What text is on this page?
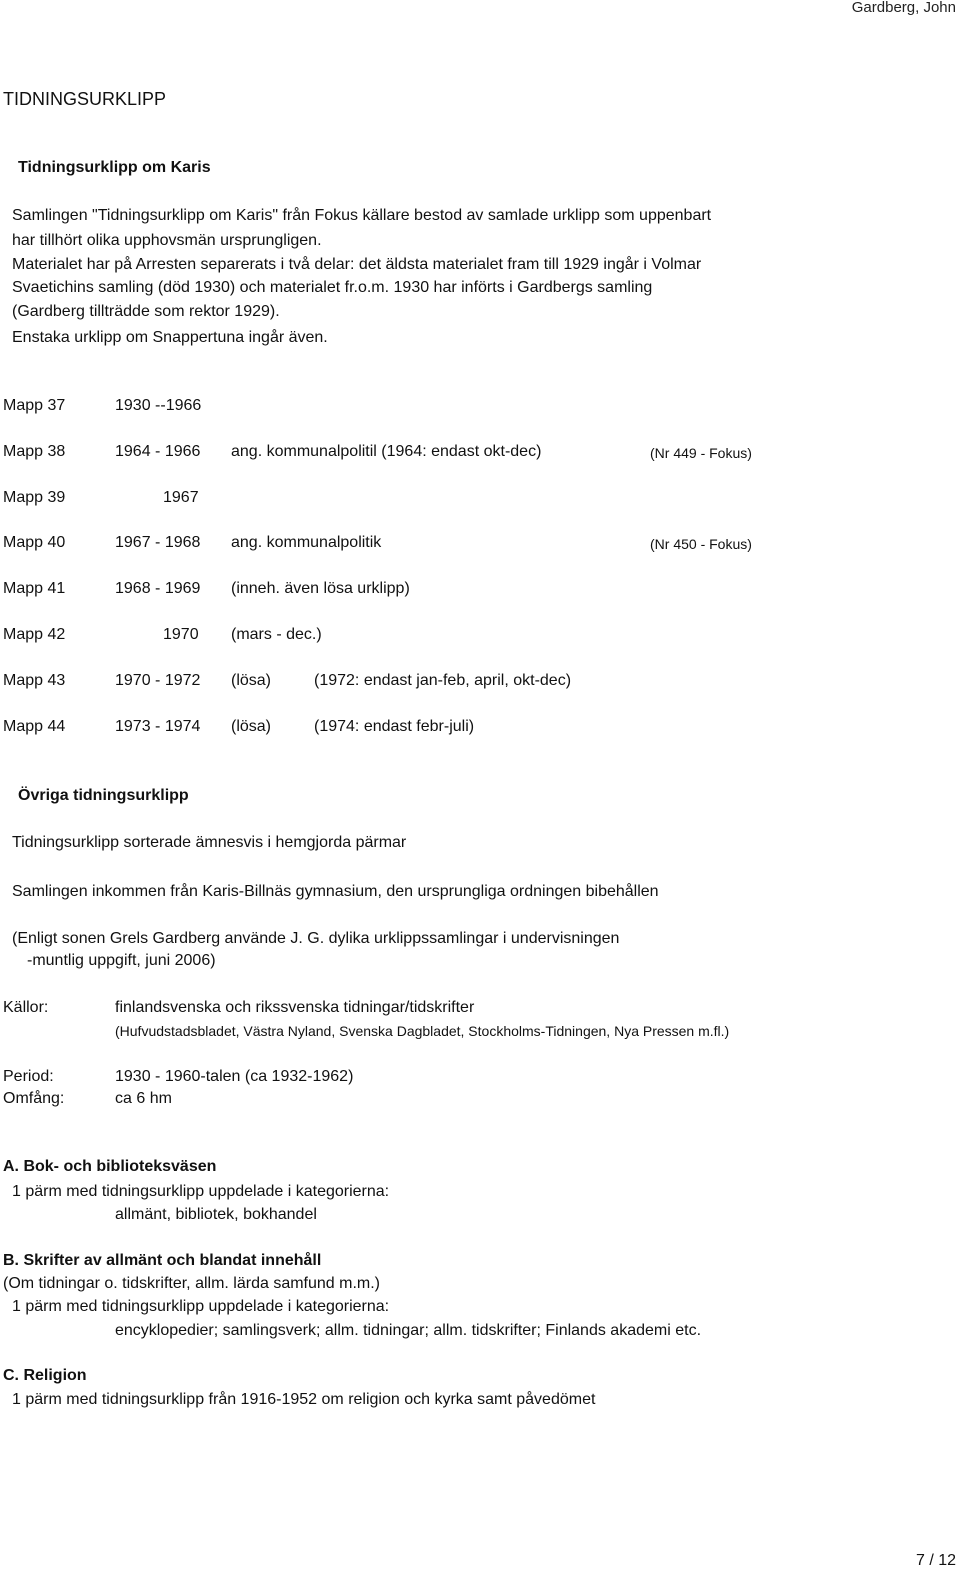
Gardberg, John
TIDNINGSURKLIPP
Tidningsurklipp om Karis
Samlingen "Tidningsurklipp om Karis" från Fokus källare bestod av samlade urklipp som uppenbart
har tillhört olika upphovsmän ursprungligen.
Materialet har på Arresten separerats i två delar: det äldsta materialet fram till 1929 ingår i Volmar
Svaetichins samling (död 1930) och materialet fr.o.m. 1930 har införts i Gardbergs samling
(Gardberg tillträdde som rektor 1929).
Enstaka urklipp om Snappertuna ingår även.
Mapp 37	1930 --1966
Mapp 38	1964 - 1966 ang. kommunalpolitil (1964: endast okt-dec)	(Nr 449 - Fokus)
Mapp 39	1967
Mapp 40	1967 - 1968 ang. kommunalpolitik	(Nr 450 - Fokus)
Mapp 41	1968 - 1969 (inneh. även lösa urklipp)
Mapp 42	1970 (mars - dec.)
Mapp 43	1970 - 1972 (lösa)	(1972: endast jan-feb, april, okt-dec)
Mapp 44	1973 - 1974 (lösa)	(1974: endast febr-juli)
Övriga tidningsurklipp
Tidningsurklipp sorterade ämnesvis i hemgjorda pärmar
Samlingen inkommen från Karis-Billnäs gymnasium, den ursprungliga ordningen bibehållen
(Enligt sonen Grels Gardberg använde J. G. dylika urklippssamlingar i undervisningen
-muntlig uppgift, juni 2006)
Källor:	finlandsvenska och rikssvenska tidningar/tidskrifter
(Hufvudstadsbladet, Västra Nyland, Svenska Dagbladet, Stockholms-Tidningen, Nya Pressen m.fl.)
Period:	1930 - 1960-talen (ca 1932-1962)
Omfång:	ca 6 hm
A. Bok- och biblioteksväsen
1 pärm med tidningsurklipp uppdelade i kategorierna:
allmänt, bibliotek, bokhandel
B. Skrifter av allmänt och blandat innehåll
(Om tidningar o. tidskrifter, allm. lärda samfund m.m.)
1 pärm med tidningsurklipp uppdelade i kategorierna:
encyklopedier; samlingsverk; allm. tidningar; allm. tidskrifter; Finlands akademi etc.
C. Religion
1 pärm med tidningsurklipp från 1916-1952 om religion och kyrka samt påvedömet
7 / 12
